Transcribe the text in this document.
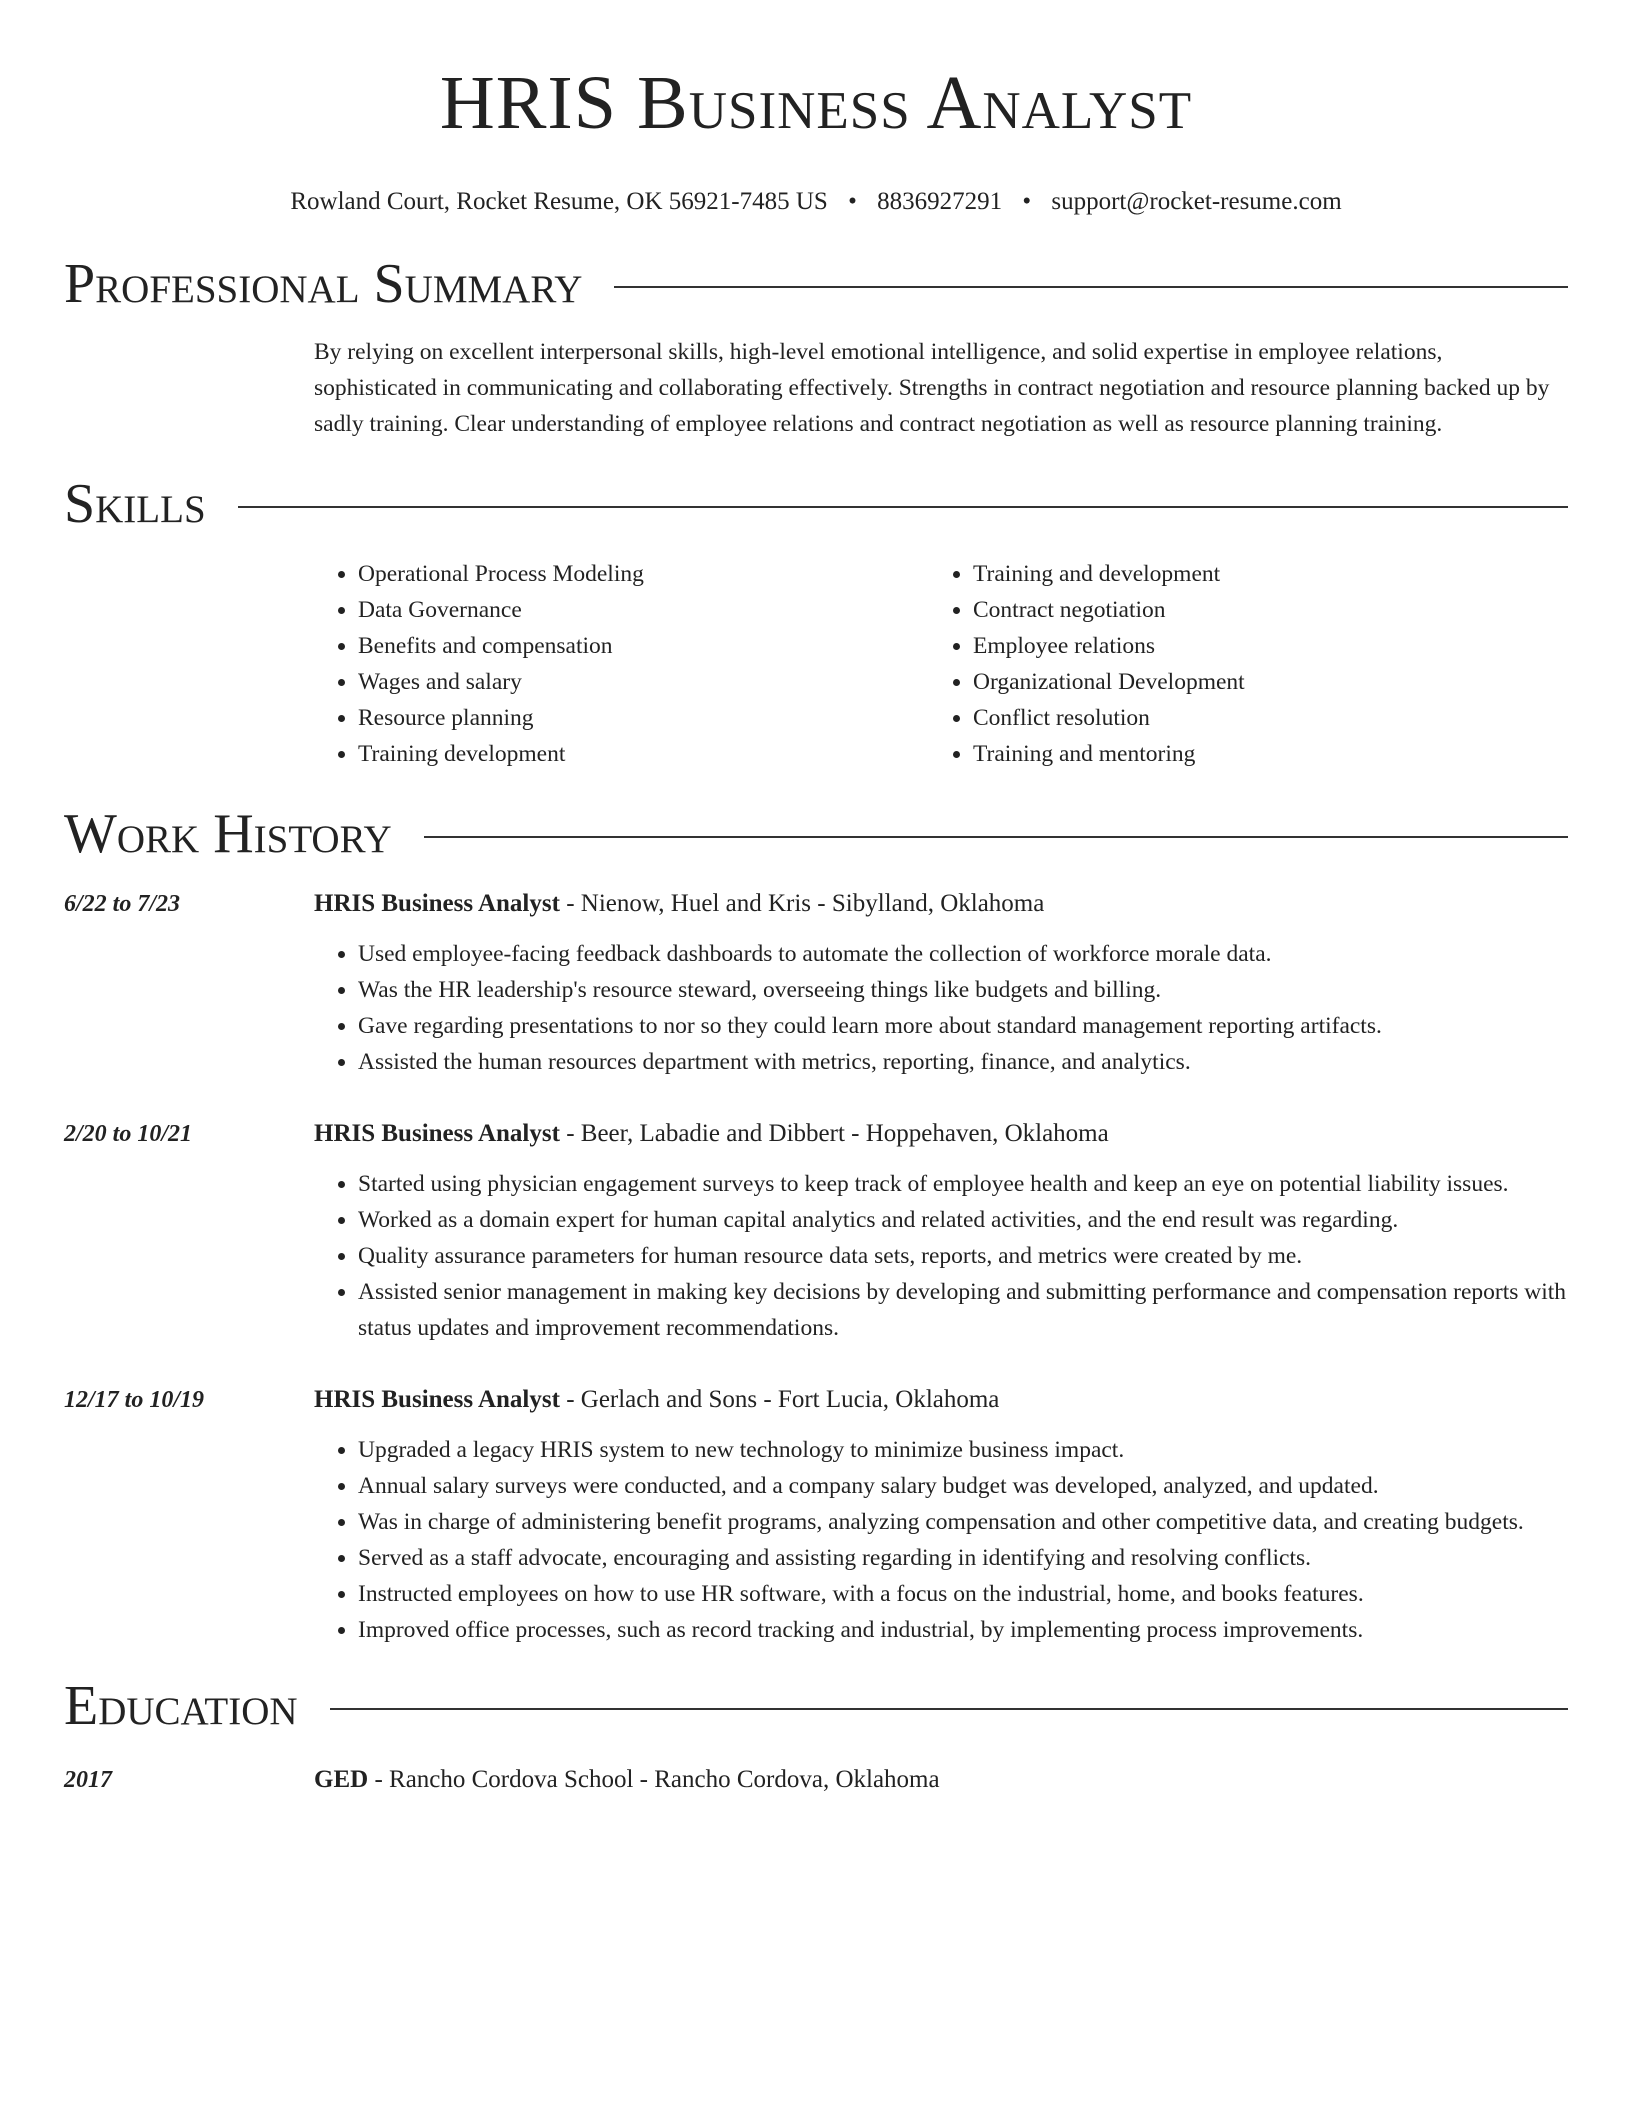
HRIS Business Analyst
Rowland Court, Rocket Resume, OK 56921-7485 US • 8836927291 • support@rocket-resume.com
Professional Summary
By relying on excellent interpersonal skills, high-level emotional intelligence, and solid expertise in employee relations, sophisticated in communicating and collaborating effectively. Strengths in contract negotiation and resource planning backed up by sadly training. Clear understanding of employee relations and contract negotiation as well as resource planning training.
Skills
• Operational Process Modeling
• Data Governance
• Benefits and compensation
• Wages and salary
• Resource planning
• Training development
• Training and development
• Contract negotiation
• Employee relations
• Organizational Development
• Conflict resolution
• Training and mentoring
Work History
6/22 to 7/23	HRIS Business Analyst - Nienow, Huel and Kris - Sibylland, Oklahoma
• Used employee-facing feedback dashboards to automate the collection of workforce morale data.
• Was the HR leadership's resource steward, overseeing things like budgets and billing.
• Gave regarding presentations to nor so they could learn more about standard management reporting artifacts.
• Assisted the human resources department with metrics, reporting, finance, and analytics.
2/20 to 10/21	HRIS Business Analyst - Beer, Labadie and Dibbert - Hoppehaven, Oklahoma
• Started using physician engagement surveys to keep track of employee health and keep an eye on potential liability issues.
• Worked as a domain expert for human capital analytics and related activities, and the end result was regarding.
• Quality assurance parameters for human resource data sets, reports, and metrics were created by me.
• Assisted senior management in making key decisions by developing and submitting performance and compensation reports with status updates and improvement recommendations.
12/17 to 10/19	HRIS Business Analyst - Gerlach and Sons - Fort Lucia, Oklahoma
• Upgraded a legacy HRIS system to new technology to minimize business impact.
• Annual salary surveys were conducted, and a company salary budget was developed, analyzed, and updated.
• Was in charge of administering benefit programs, analyzing compensation and other competitive data, and creating budgets.
• Served as a staff advocate, encouraging and assisting regarding in identifying and resolving conflicts.
• Instructed employees on how to use HR software, with a focus on the industrial, home, and books features.
• Improved office processes, such as record tracking and industrial, by implementing process improvements.
Education
2017	GED - Rancho Cordova School - Rancho Cordova, Oklahoma
